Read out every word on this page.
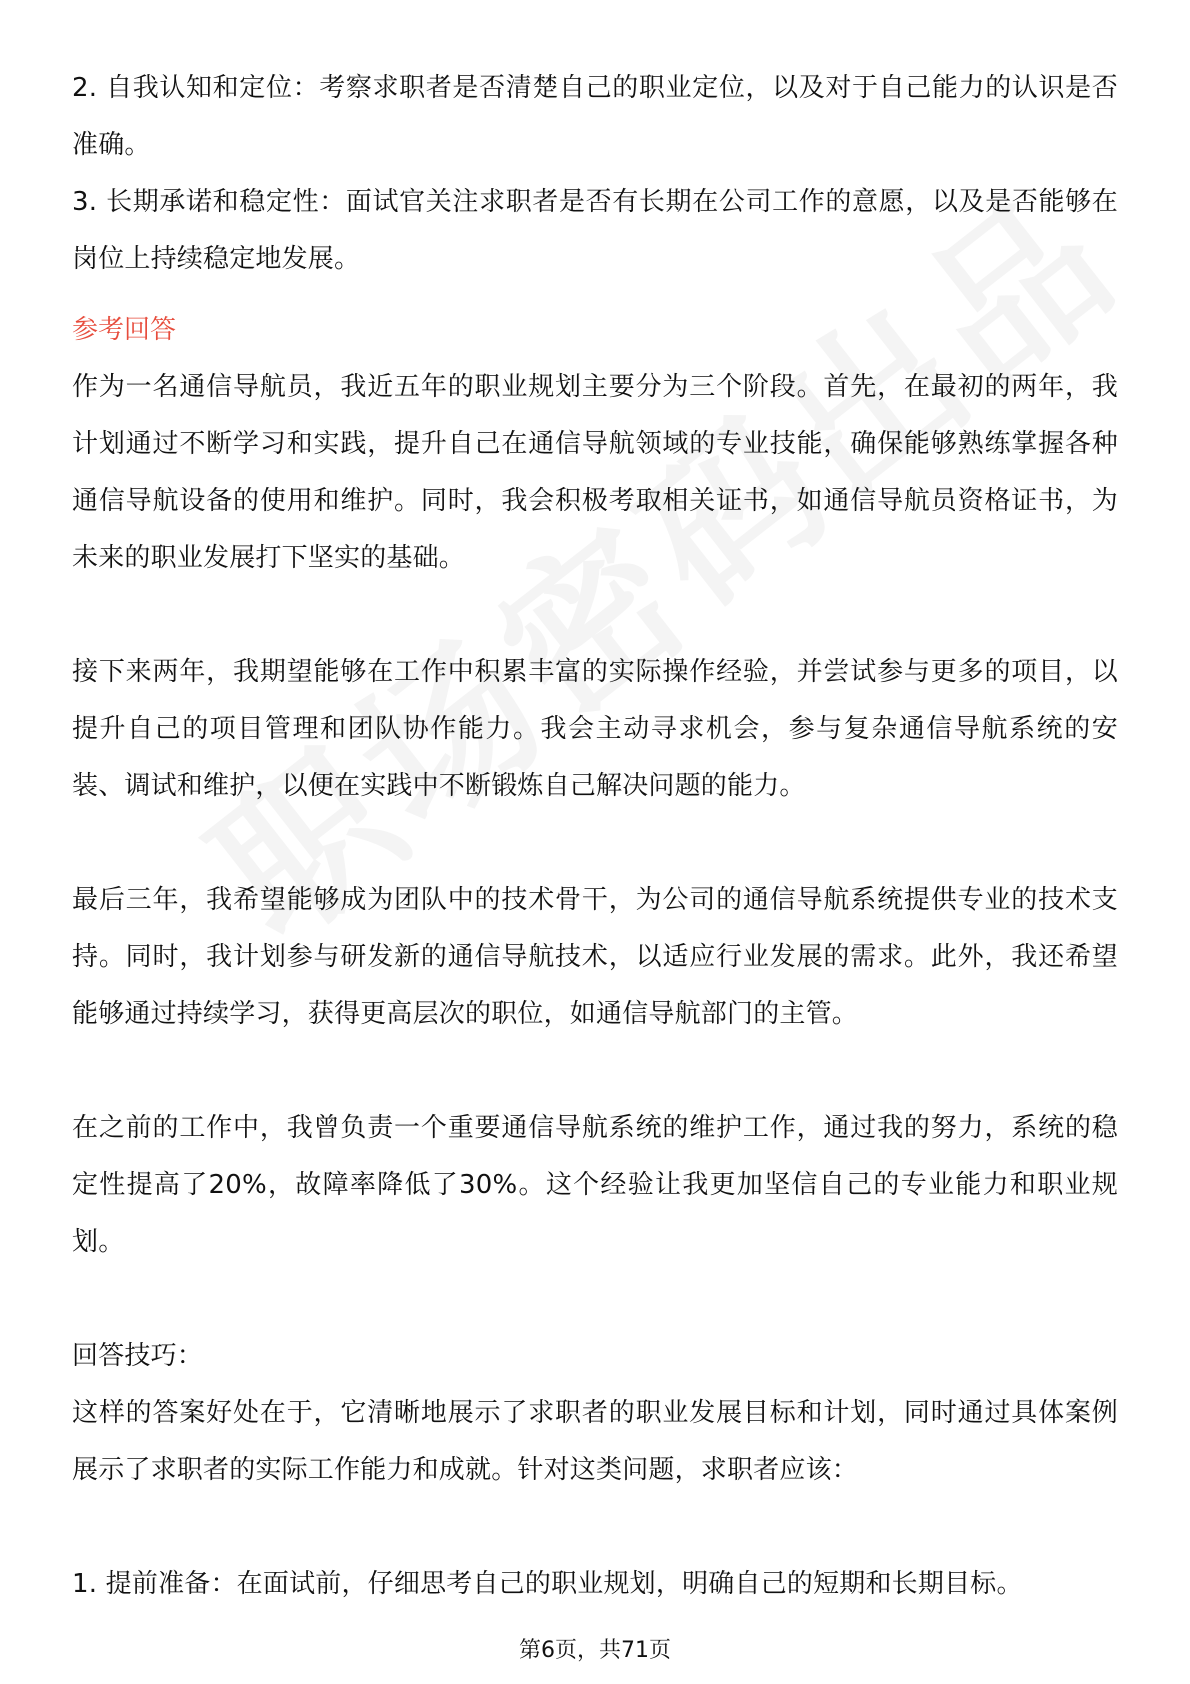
2. 自我认知和定位：考察求职者是否清楚自己的职业定位，以及对于自己能力的认识是否准确。

3. 长期承诺和稳定性：面试官关注求职者是否有长期在公司工作的意愿，以及是否能够在岗位上持续稳定地发展。

参考回答

作为一名通信导航员，我近五年的职业规划主要分为三个阶段。首先，在最初的两年，我计划通过不断学习和实践，提升自己在通信导航领域的专业技能，确保能够熟练掌握各种通信导航设备的使用和维护。同时，我会积极考取相关证书，如通信导航员资格证书，为未来的职业发展打下坚实的基础。

接下来两年，我期望能够在工作中积累丰富的实际操作经验，并尝试参与更多的项目，以提升自己的项目管理和团队协作能力。我会主动寻求机会，参与复杂通信导航系统的安装、调试和维护，以便在实践中不断锻炼自己解决问题的能力。

最后三年，我希望能够成为团队中的技术骨干，为公司的通信导航系统提供专业的技术支持。同时，我计划参与研发新的通信导航技术，以适应行业发展的需求。此外，我还希望能够通过持续学习，获得更高层次的职位，如通信导航部门的主管。

在之前的工作中，我曾负责一个重要通信导航系统的维护工作，通过我的努力，系统的稳定性提高了20%，故障率降低了30%。这个经验让我更加坚信自己的专业能力和职业规划。

回答技巧：

这样的答案好处在于，它清晰地展示了求职者的职业发展目标和计划，同时通过具体案例展示了求职者的实际工作能力和成就。针对这类问题，求职者应该：

1. 提前准备：在面试前，仔细思考自己的职业规划，明确自己的短期和长期目标。

第6页，共71页
